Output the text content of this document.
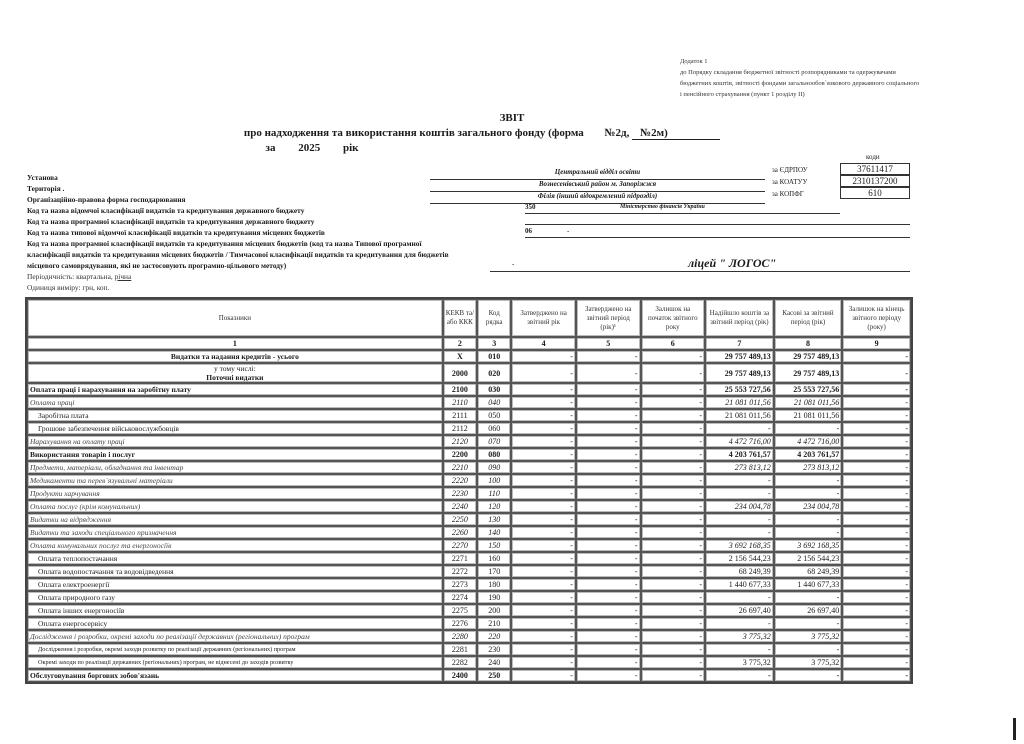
Додаток 1
до Порядку складання бюджетної звітності розпорядниками та одержувачами бюджетних коштів, звітності фондами загальнообов`язкового державного соціального і пенсійного страхування (пункт 1 розділу II)
ЗВІТ
про надходження та використання коштів загального фонду (форма №2д, №2м)
за 2025 рік
Установа
Територія .
Організаційно-правова форма господарювання
Код та назва відомчої класифікації видатків та кредитування державного бюджету
Код та назва програмної класифікації видатків та кредитування державного бюджету
Код та назва типової відомчої класифікації видатків та кредитування місцевих бюджетів
Код та назва програмної класифікації видатків та кредитування місцевих бюджетів (код та назва Типової програмної класифікації видатків та кредитування місцевих бюджетів / Тимчасової класифікації видатків та кредитування для бюджетів місцевого самоврядування, які не застосовують програмно-цільового методу)
Періодичність: квартальна, річна
Одиниця виміру: грн, коп.
Центральний відділ освіти
Вознесенівський район м. Запоріжжя
Філія (інший відокремлений підрозділ)
350	Міністерство фінансів України
06	-
-	ліцей " ЛОГОС"
коди
за ЄДРПОУ	37611417
за КОАТУУ	2310137200
за КОПФГ	610
Показники	КЕКВ та/або ККК	Код рядка	Затверджено на звітний рік	Затверджено на звітний період (рік)¹	Залишок на початок звітного року	Надійшло коштів за звітний період (рік)	Касові за звітний період (рік)	Залишок на кінець звітного періоду (року)
1	2	3	4	5	6	7	8	9
Видатки та надання кредитів - усього	X	010	-	-	-	29 757 489,13	29 757 489,13	-

у тому числі:
Поточні видатки	2000	020	-	-	-	29 757 489,13	29 757 489,13	-
Оплата праці і нарахування на заробітну плату	2100	030	-	-	-	25 553 727,56	25 553 727,56	-
Оплата праці	2110	040	-	-	-	21 081 011,56	21 081 011,56	-
Заробітна плата	2111	050	-	-	-	21 081 011,56	21 081 011,56	-
Грошове забезпечення військовослужбовців	2112	060	-	-	-	-	-	-
Нарахування на оплату праці	2120	070	-	-	-	4 472 716,00	4 472 716,00	-
Використання товарів і послуг	2200	080	-	-	-	4 203 761,57	4 203 761,57	-
Предмети, матеріали, обладнання та інвентар	2210	090	-	-	-	273 813,12	273 813,12	-
Медикаменти та перев`язувальні матеріали	2220	100	-	-	-	-	-	-
Продукти харчування	2230	110	-	-	-	-	-	-
Оплата послуг (крім комунальних)	2240	120	-	-	-	234 004,78	234 004,78	-
Видатки на відрядження	2250	130	-	-	-	-	-	-
Видатки та заходи спеціального призначення	2260	140	-	-	-	-	-	-
Оплата комунальних послуг та енергоносіїв	2270	150	-	-	-	3 692 168,35	3 692 168,35	-
Оплата теплопостачання	2271	160	-	-	-	2 156 544,23	2 156 544,23	-
Оплата водопостачання та водовідведення	2272	170	-	-	-	68 249,39	68 249,39	-
Оплата електроенергії	2273	180	-	-	-	1 440 677,33	1 440 677,33	-
Оплата природного газу	2274	190	-	-	-	-	-	-
Оплата інших енергоносіїв	2275	200	-	-	-	26 697,40	26 697,40	-
Оплата енергосервісу	2276	210	-	-	-	-	-	-
Дослідження і розробки, окремі заходи по реалізації державних (регіональних) програм	2280	220	-	-	-	3 775,32	3 775,32	-
Дослідження і розробки, окремі заходи розвитку по реалізації державних (регіональних) програм	2281	230	-	-	-	-	-	-
Окремі заходи по реалізації державних (регіональних) програм, не віднесені до заходів розвитку	2282	240	-	-	-	3 775,32	3 775,32	-
Обслуговування боргових зобов'язань	2400	250	-	-	-	-	-	-
